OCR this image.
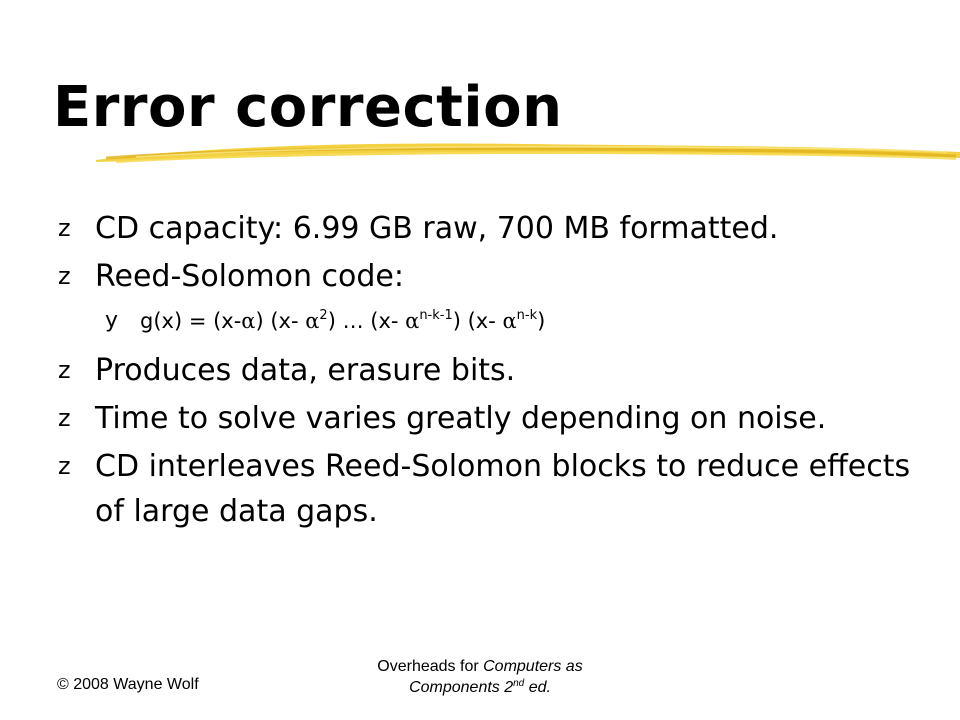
Error correction
z CD capacity: 6.99 GB raw, 700 MB formatted.
z Reed-Solomon code:
y g(x) = (x-α) (x- $\alpha^2$) … (x- $\alpha^{n-k-1}$) (x- $\alpha^{n-k}$)
z Produces data, erasure bits.
z Time to solve varies greatly depending on noise.
z CD interleaves Reed-Solomon blocks to reduce effects of large data gaps.
© 2008 Wayne Wolf
Overheads for Computers as
Components 2nd ed.
